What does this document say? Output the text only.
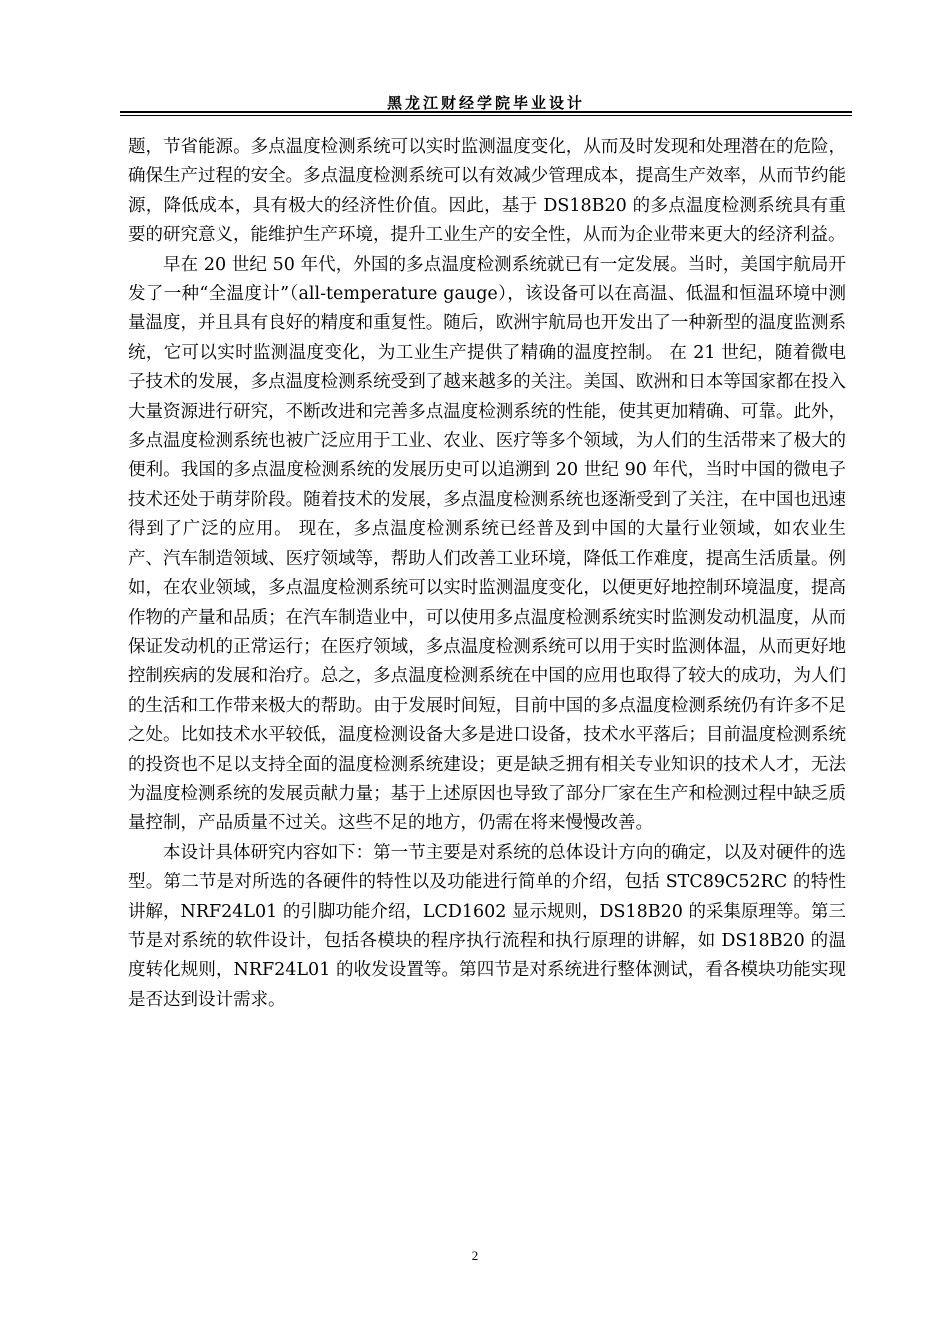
黑龙江财经学院毕业设计

题，节省能源。多点温度检测系统可以实时监测温度变化，从而及时发现和处理潜在的危险，确保生产过程的安全。多点温度检测系统可以有效减少管理成本，提高生产效率，从而节约能源，降低成本，具有极大的经济性价值。因此，基于 DS18B20 的多点温度检测系统具有重要的研究意义，能维护生产环境，提升工业生产的安全性，从而为企业带来更大的经济利益。

早在 20 世纪 50 年代，外国的多点温度检测系统就已有一定发展。当时，美国宇航局开发了一种“全温度计”（all-temperature gauge），该设备可以在高温、低温和恒温环境中测量温度，并且具有良好的精度和重复性。随后，欧洲宇航局也开发出了一种新型的温度监测系统，它可以实时监测温度变化，为工业生产提供了精确的温度控制。 在 21 世纪，随着微电子技术的发展，多点温度检测系统受到了越来越多的关注。美国、欧洲和日本等国家都在投入大量资源进行研究，不断改进和完善多点温度检测系统的性能，使其更加精确、可靠。此外，多点温度检测系统也被广泛应用于工业、农业、医疗等多个领域，为人们的生活带来了极大的便利。我国的多点温度检测系统的发展历史可以追溯到 20 世纪 90 年代，当时中国的微电子技术还处于萌芽阶段。随着技术的发展，多点温度检测系统也逐渐受到了关注，在中国也迅速得到了广泛的应用。 现在，多点温度检测系统已经普及到中国的大量行业领域，如农业生产、汽车制造领域、医疗领域等，帮助人们改善工业环境，降低工作难度，提高生活质量。例如，在农业领域，多点温度检测系统可以实时监测温度变化，以便更好地控制环境温度，提高作物的产量和品质；在汽车制造业中，可以使用多点温度检测系统实时监测发动机温度，从而保证发动机的正常运行；在医疗领域，多点温度检测系统可以用于实时监测体温，从而更好地控制疾病的发展和治疗。总之，多点温度检测系统在中国的应用也取得了较大的成功，为人们的生活和工作带来极大的帮助。由于发展时间短，目前中国的多点温度检测系统仍有许多不足之处。比如技术水平较低，温度检测设备大多是进口设备，技术水平落后；目前温度检测系统的投资也不足以支持全面的温度检测系统建设；更是缺乏拥有相关专业知识的技术人才，无法为温度检测系统的发展贡献力量；基于上述原因也导致了部分厂家在生产和检测过程中缺乏质量控制，产品质量不过关。这些不足的地方，仍需在将来慢慢改善。

本设计具体研究内容如下：第一节主要是对系统的总体设计方向的确定，以及对硬件的选型。第二节是对所选的各硬件的特性以及功能进行简单的介绍，包括 STC89C52RC 的特性讲解，NRF24L01 的引脚功能介绍，LCD1602 显示规则，DS18B20 的采集原理等。第三节是对系统的软件设计，包括各模块的程序执行流程和执行原理的讲解，如 DS18B20 的温度转化规则，NRF24L01 的收发设置等。第四节是对系统进行整体测试，看各模块功能实现是否达到设计需求。

2
